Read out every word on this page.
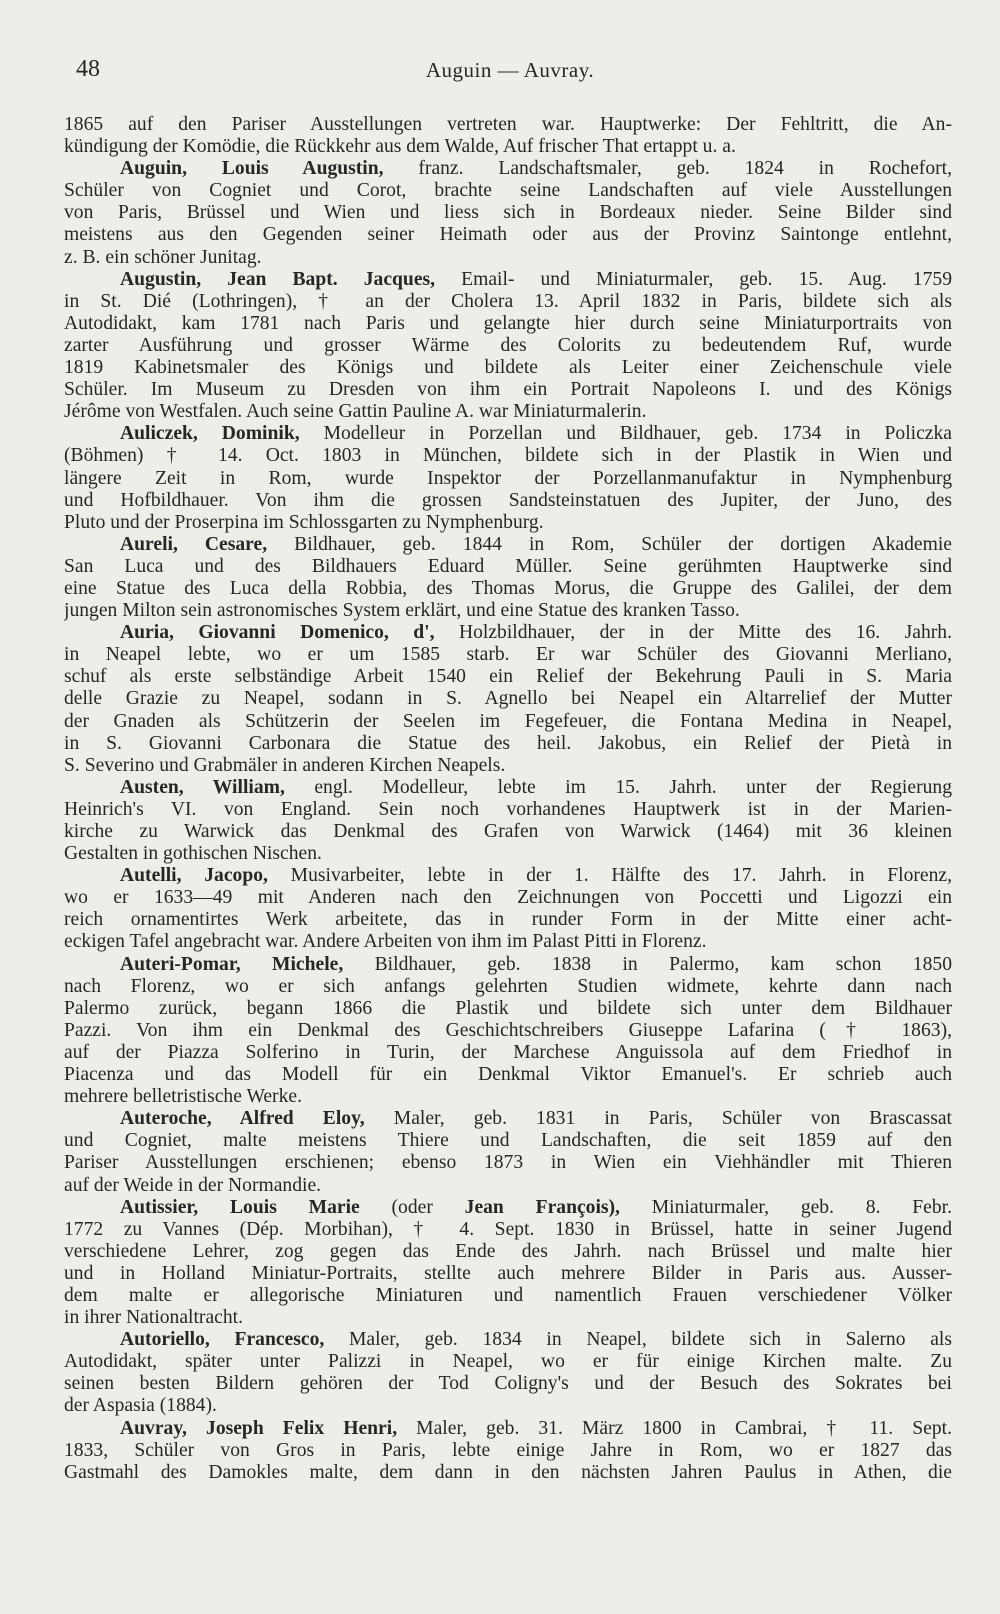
48	Auguin — Auvray.
1865 auf den Pariser Ausstellungen vertreten war. Hauptwerke: Der Fehltritt, die An-
kündigung der Komödie, die Rückkehr aus dem Walde, Auf frischer That ertappt u. a.
Auguin, Louis Augustin, franz. Landschaftsmaler, geb. 1824 in Rochefort,
Schüler von Cogniet und Corot, brachte seine Landschaften auf viele Ausstellungen
von Paris, Brüssel und Wien und liess sich in Bordeaux nieder. Seine Bilder sind
meistens aus den Gegenden seiner Heimath oder aus der Provinz Saintonge entlehnt,
z. B. ein schöner Junitag.
Augustin, Jean Bapt. Jacques, Email- und Miniaturmaler, geb. 15. Aug. 1759
in St. Dié (Lothringen), † an der Cholera 13. April 1832 in Paris, bildete sich als
Autodidakt, kam 1781 nach Paris und gelangte hier durch seine Miniaturportraits von
zarter Ausführung und grosser Wärme des Colorits zu bedeutendem Ruf, wurde
1819 Kabinetsmaler des Königs und bildete als Leiter einer Zeichenschule viele
Schüler. Im Museum zu Dresden von ihm ein Portrait Napoleons I. und des Königs
Jérôme von Westfalen. Auch seine Gattin Pauline A. war Miniaturmalerin.
Auliczek, Dominik, Modelleur in Porzellan und Bildhauer, geb. 1734 in Policzka
(Böhmen) † 14. Oct. 1803 in München, bildete sich in der Plastik in Wien und
längere Zeit in Rom, wurde Inspektor der Porzellanmanufaktur in Nymphenburg
und Hofbildhauer. Von ihm die grossen Sandsteinstatuen des Jupiter, der Juno, des
Pluto und der Proserpina im Schlossgarten zu Nymphenburg.
Aureli, Cesare, Bildhauer, geb. 1844 in Rom, Schüler der dortigen Akademie
San Luca und des Bildhauers Eduard Müller. Seine gerühmten Hauptwerke sind
eine Statue des Luca della Robbia, des Thomas Morus, die Gruppe des Galilei, der dem
jungen Milton sein astronomisches System erklärt, und eine Statue des kranken Tasso.
Auria, Giovanni Domenico, d', Holzbildhauer, der in der Mitte des 16. Jahrh.
in Neapel lebte, wo er um 1585 starb. Er war Schüler des Giovanni Merliano,
schuf als erste selbständige Arbeit 1540 ein Relief der Bekehrung Pauli in S. Maria
delle Grazie zu Neapel, sodann in S. Agnello bei Neapel ein Altarrelief der Mutter
der Gnaden als Schützerin der Seelen im Fegefeuer, die Fontana Medina in Neapel,
in S. Giovanni Carbonara die Statue des heil. Jakobus, ein Relief der Pietà in
S. Severino und Grabmäler in anderen Kirchen Neapels.
Austen, William, engl. Modelleur, lebte im 15. Jahrh. unter der Regierung
Heinrich's VI. von England. Sein noch vorhandenes Hauptwerk ist in der Marien-
kirche zu Warwick das Denkmal des Grafen von Warwick (1464) mit 36 kleinen
Gestalten in gothischen Nischen.
Autelli, Jacopo, Musivarbeiter, lebte in der 1. Hälfte des 17. Jahrh. in Florenz,
wo er 1633—49 mit Anderen nach den Zeichnungen von Poccetti und Ligozzi ein
reich ornamentirtes Werk arbeitete, das in runder Form in der Mitte einer acht-
eckigen Tafel angebracht war. Andere Arbeiten von ihm im Palast Pitti in Florenz.
Auteri-Pomar, Michele, Bildhauer, geb. 1838 in Palermo, kam schon 1850
nach Florenz, wo er sich anfangs gelehrten Studien widmete, kehrte dann nach
Palermo zurück, begann 1866 die Plastik und bildete sich unter dem Bildhauer
Pazzi. Von ihm ein Denkmal des Geschichtschreibers Giuseppe Lafarina († 1863),
auf der Piazza Solferino in Turin, der Marchese Anguissola auf dem Friedhof in
Piacenza und das Modell für ein Denkmal Viktor Emanuel's. Er schrieb auch
mehrere belletristische Werke.
Auteroche, Alfred Eloy, Maler, geb. 1831 in Paris, Schüler von Brascassat
und Cogniet, malte meistens Thiere und Landschaften, die seit 1859 auf den
Pariser Ausstellungen erschienen; ebenso 1873 in Wien ein Viehhändler mit Thieren
auf der Weide in der Normandie.
Autissier, Louis Marie (oder Jean François), Miniaturmaler, geb. 8. Febr.
1772 zu Vannes (Dép. Morbihan), † 4. Sept. 1830 in Brüssel, hatte in seiner Jugend
verschiedene Lehrer, zog gegen das Ende des Jahrh. nach Brüssel und malte hier
und in Holland Miniatur-Portraits, stellte auch mehrere Bilder in Paris aus. Ausser-
dem malte er allegorische Miniaturen und namentlich Frauen verschiedener Völker
in ihrer Nationaltracht.
Autoriello, Francesco, Maler, geb. 1834 in Neapel, bildete sich in Salerno als
Autodidakt, später unter Palizzi in Neapel, wo er für einige Kirchen malte. Zu
seinen besten Bildern gehören der Tod Coligny's und der Besuch des Sokrates bei
der Aspasia (1884).
Auvray, Joseph Felix Henri, Maler, geb. 31. März 1800 in Cambrai, † 11. Sept.
1833, Schüler von Gros in Paris, lebte einige Jahre in Rom, wo er 1827 das
Gastmahl des Damokles malte, dem dann in den nächsten Jahren Paulus in Athen, die
